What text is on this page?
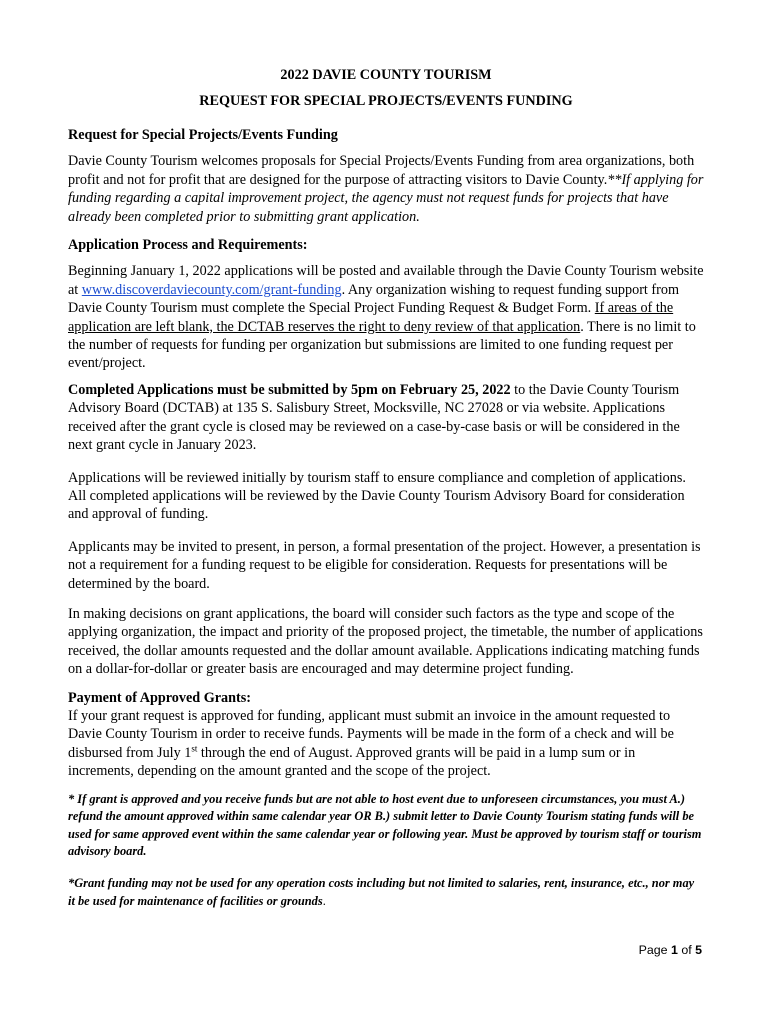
2022 DAVIE COUNTY TOURISM

REQUEST FOR SPECIAL PROJECTS/EVENTS FUNDING

Request for Special Projects/Events Funding

Davie County Tourism welcomes proposals for Special Projects/Events Funding from area organizations, both profit and not for profit that are designed for the purpose of attracting visitors to Davie County.**If applying for funding regarding a capital improvement project, the agency must not request funds for projects that have already been completed prior to submitting grant application.

Application Process and Requirements:

Beginning January 1, 2022 applications will be posted and available through the Davie County Tourism website at www.discoverdaviecounty.com/grant-funding. Any organization wishing to request funding support from Davie County Tourism must complete the Special Project Funding Request & Budget Form. If areas of the application are left blank, the DCTAB reserves the right to deny review of that application. There is no limit to the number of requests for funding per organization but submissions are limited to one funding request per event/project.

Completed Applications must be submitted by 5pm on February 25, 2022 to the Davie County Tourism Advisory Board (DCTAB) at 135 S. Salisbury Street, Mocksville, NC 27028 or via website. Applications received after the grant cycle is closed may be reviewed on a case-by-case basis or will be considered in the next grant cycle in January 2023.

Applications will be reviewed initially by tourism staff to ensure compliance and completion of applications. All completed applications will be reviewed by the Davie County Tourism Advisory Board for consideration and approval of funding.

Applicants may be invited to present, in person, a formal presentation of the project. However, a presentation is not a requirement for a funding request to be eligible for consideration. Requests for presentations will be determined by the board.

In making decisions on grant applications, the board will consider such factors as the type and scope of the applying organization, the impact and priority of the proposed project, the timetable, the number of applications received, the dollar amounts requested and the dollar amount available. Applications indicating matching funds on a dollar-for-dollar or greater basis are encouraged and may determine project funding.

Payment of Approved Grants:

If your grant request is approved for funding, applicant must submit an invoice in the amount requested to Davie County Tourism in order to receive funds. Payments will be made in the form of a check and will be disbursed from July 1st through the end of August. Approved grants will be paid in a lump sum or in increments, depending on the amount granted and the scope of the project.

* If grant is approved and you receive funds but are not able to host event due to unforeseen circumstances, you must A.) refund the amount approved within same calendar year OR B.) submit letter to Davie County Tourism stating funds will be used for same approved event within the same calendar year or following year. Must be approved by tourism staff or tourism advisory board.

*Grant funding may not be used for any operation costs including but not limited to salaries, rent, insurance, etc., nor may it be used for maintenance of facilities or grounds.

Page 1 of 5
